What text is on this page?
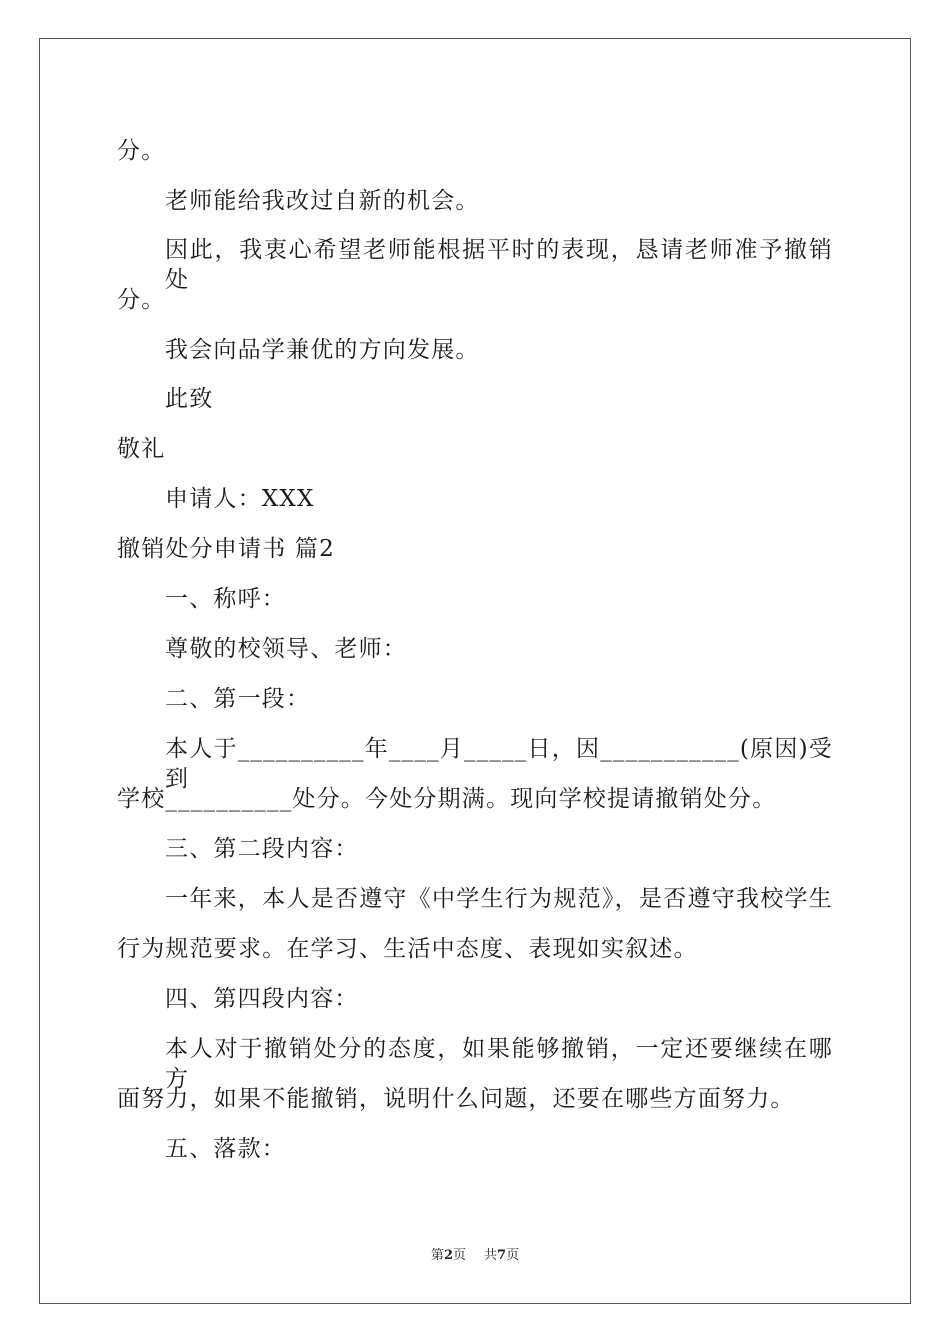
分。
老师能给我改过自新的机会。
因此，我衷心希望老师能根据平时的表现，恳请老师准予撤销处
分。
我会向品学兼优的方向发展。
此致
敬礼
申请人：XXX
撤销处分申请书 篇2
一、称呼：
尊敬的校领导、老师：
二、第一段：
本人于__________年____月_____日，因___________(原因)受到
学校__________处分。今处分期满。现向学校提请撤销处分。
三、第二段内容：
一年来，本人是否遵守《中学生行为规范》，是否遵守我校学生
行为规范要求。在学习、生活中态度、表现如实叙述。
四、第四段内容：
本人对于撤销处分的态度，如果能够撤销，一定还要继续在哪方
面努力，如果不能撤销，说明什么问题，还要在哪些方面努力。
五、落款：
第2页 共7页
